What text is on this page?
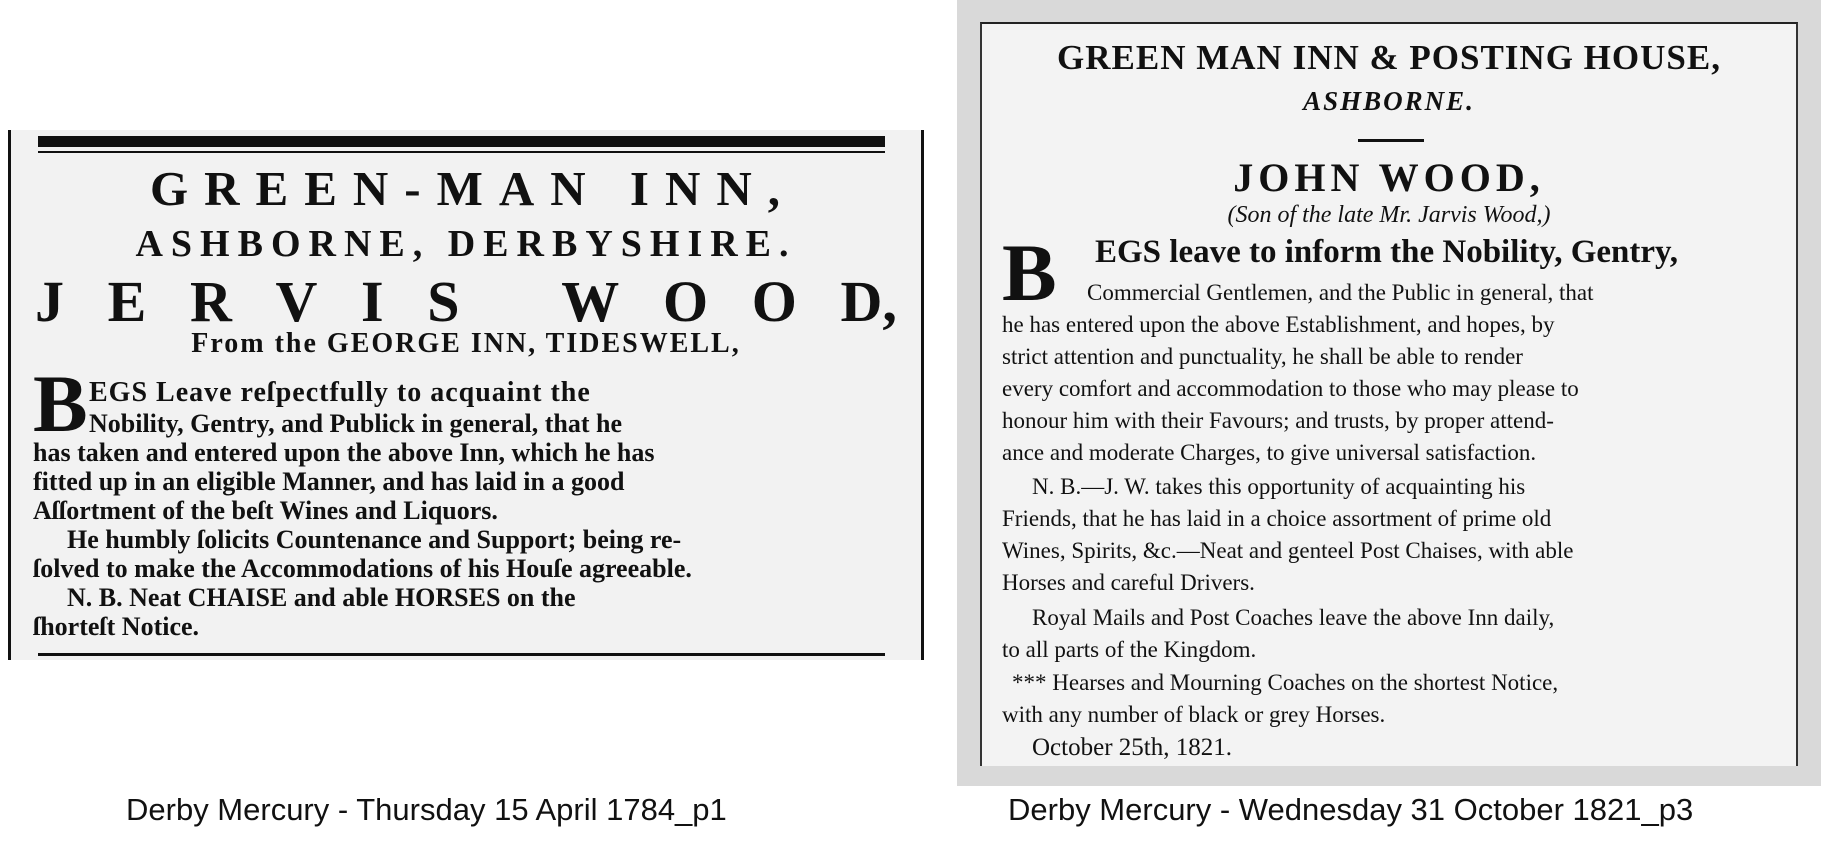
GREEN-MAN INN,
ASHBORNE, DERBYSHIRE.
J E R V I S
W O O D,
From the GEORGE INN, TIDESWELL,
B EGS Leave reſpectfully to acquaint the
Nobility, Gentry, and Publick in general, that he
has taken and entered upon the above Inn, which he has
fitted up in an eligible Manner, and has laid in a good
Aſſortment of the beſt Wines and Liquors.
He humbly ſolicits Countenance and Support; being re-
ſolved to make the Accommodations of his Houſe agreeable.
N. B. Neat CHAISE and able HORSES on the
ſhorteſt Notice.
GREEN MAN INN & POSTING HOUSE,
ASHBORNE.
JOHN WOOD,
(Son of the late Mr. Jarvis Wood,)
B EGS leave to inform the Nobility, Gentry,
Commercial Gentlemen, and the Public in general, that
he has entered upon the above Establishment, and hopes, by
strict attention and punctuality, he shall be able to render
every comfort and accommodation to those who may please to
honour him with their Favours; and trusts, by proper attend-
ance and moderate Charges, to give universal satisfaction.
N. B.—J. W. takes this opportunity of acquainting his
Friends, that he has laid in a choice assortment of prime old
Wines, Spirits, &c.—Neat and genteel Post Chaises, with able
Horses and careful Drivers.
Royal Mails and Post Coaches leave the above Inn daily,
to all parts of the Kingdom.
*** Hearses and Mourning Coaches on the shortest Notice,
with any number of black or grey Horses.
October 25th, 1821.
Derby Mercury - Thursday 15 April 1784_p1	Derby Mercury - Wednesday 31 October 1821_p3
